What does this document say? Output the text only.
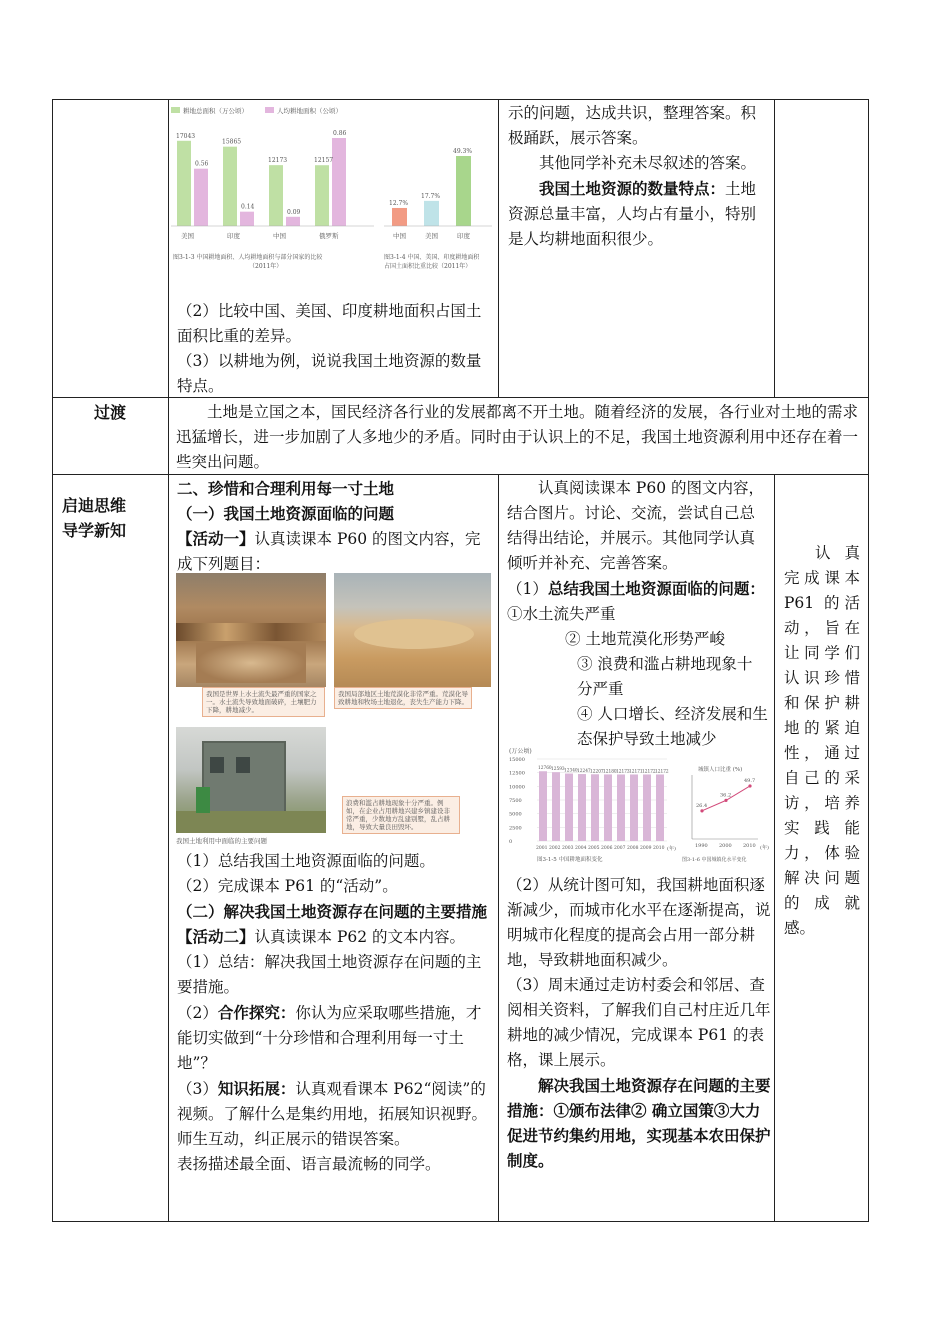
耕地总面积（万公顷）	人均耕地面积（公顷）
17043
0.56
美国
15865
0.14
印度
12173
0.09
中国
12157
0.86
俄罗斯
图3-1-3 中国耕地面积、人均耕地面积与部分国家的比较
（2011年）
12.7%
中国
17.7%
美国
49.3%
印度
图3-1-4 中国、美国、印度耕地面积
占国土面积比重比较（2011年）

（2）比较中国、美国、印度耕地面积占国土面积比重的差异。

（3）以耕地为例，说说我国土地资源的数量特点。

示的问题，达成共识，整理答案。积极踊跃，展示答案。

其他同学补充未尽叙述的答案。

我国土地资源的数量特点：土地资源总量丰富，人均占有量小，特别是人均耕地面积很少。

过渡	土地是立国之本，国民经济各行业的发展都离不开土地。随着经济的发展，各行业对土地的需求迅猛增长，进一步加剧了人多地少的矛盾。同时由于认识上的不足，我国土地资源利用中还存在着一些突出问题。

启迪思维
导学新知

二、珍惜和合理利用每一寸土地

（一）我国土地资源面临的问题

【活动一】认真读课本 P60 的图文内容，完成下列题目：

我国是世界上水土流失最严重的国家之一。水土流失导致地面破碎，土壤肥力下降，耕地减少。
我国局部地区土地荒漠化非常严重。荒漠化导致耕地和牧场土地退化，丧失生产能力下降。
浪费和滥占耕地现象十分严重。例如，在企业占用耕地兴建乡镇建设非常严重，少数地方乱建别墅，乱占耕地，导致大量良田毁坏。
我国土地利用中面临的主要问题

（1）总结我国土地资源面临的问题。

（2）完成课本 P61 的“活动”。

（二）解决我国土地资源存在问题的主要措施

【活动二】认真读课本 P62 的文本内容。

（1）总结：解决我国土地资源存在问题的主要措施。

（2）合作探究：你认为应采取哪些措施，才能切实做到“十分珍惜和合理利用每一寸土地”？

（3）知识拓展：认真观看课本 P62“阅读”的视频。了解什么是集约用地，拓展知识视野。

师生互动，纠正展示的错误答案。

表扬描述最全面、语言最流畅的同学。

认真阅读课本 P60 的图文内容，结合图片。讨论、交流，尝试自己总结得出结论，并展示。其他同学认真倾听并补充、完善答案。

（1）总结我国土地资源面临的问题：①水土流失严重

② 土地荒漠化形势严峻

③ 浪费和滥占耕地现象十分严重

④ 人口增长、经济发展和生态保护导致土地减少

(万公顷)
15000
12500
10000
7500
5000
2500
0
12760
2001
12593
2002
12340
2003
12247
2004
12207
2005
12180
2006
12173
2007
12171
2008
12172
2009
12172
2010
图3-1-5 中国耕地面积变化
(年)
城镇人口比重 (%)
26.4
1990
36.2
2000
49.7
2010
图3-1-6 中国城镇化水平变化
(年)

（2）从统计图可知，我国耕地面积逐渐减少，而城市化水平在逐渐提高，说明城市化程度的提高会占用一部分耕地，导致耕地面积减少。

（3）周末通过走访村委会和邻居、查阅相关资料，了解我们自己村庄近几年耕地的减少情况，完成课本 P61 的表格，课上展示。

解决我国土地资源存在问题的主要措施：①颁布法律② 确立国策③大力促进节约集约用地，实现基本农田保护制度。

认真完成课本 P61 的活动，旨在让同学们认识珍惜和保护耕地的紧迫性，通过自己的采访，培养实践能力，体验解决问题的成就感。
